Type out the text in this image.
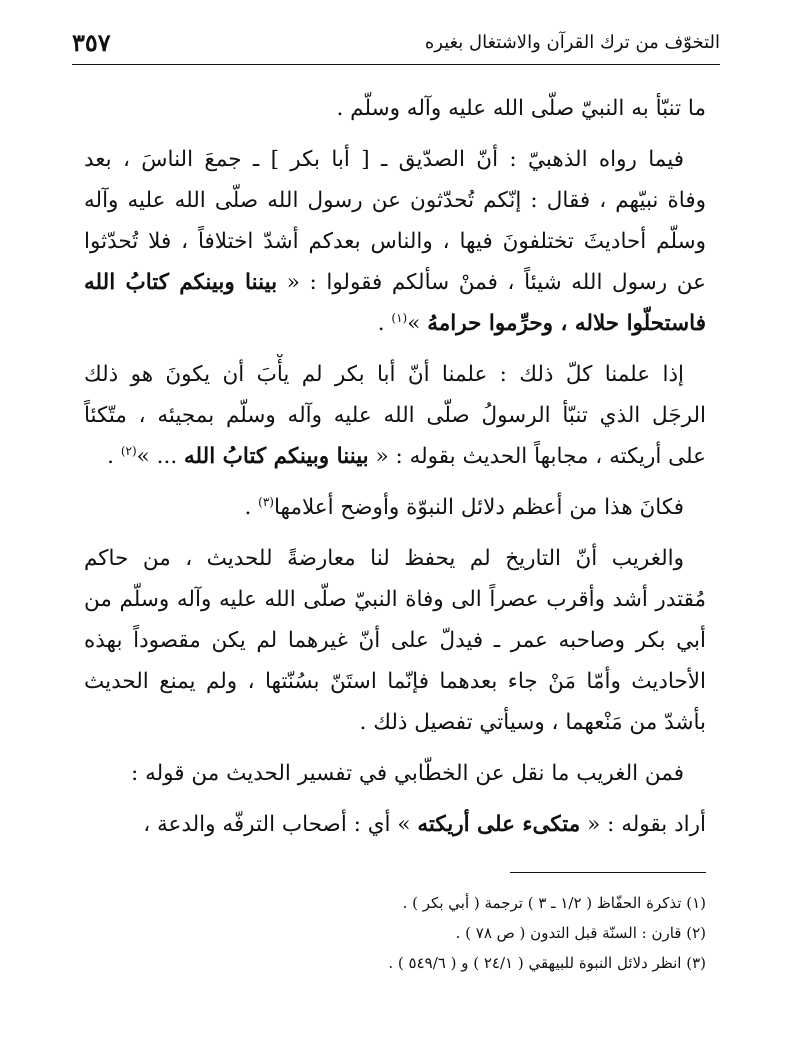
التخوّف من ترك القرآن والاشتغال بغيره
٣٥٧
ما تنبّأ به النبيّ صلّى الله عليه وآله وسلّم .
فيما رواه الذهبيّ : أنّ الصدّيق ـ [ أبا بكر ] ـ جمعَ الناسَ ، بعد
وفاة نبيّهم ، فقال : إنّكم تُحدّثون عن رسول الله صلّى الله عليه وآله
وسلّم أحاديثَ تختلفونَ فيها ، والناس بعدكم أشدّ اختلافاً ، فلا تُحدّثوا
عن رسول الله شيئاً ، فمنْ سألكم فقولوا : « بيننا وبينكم كتابُ الله
فاستحلّوا حلاله ، وحرِّموا حرامهُ »$^{(١)}$ .
إذا علمنا كلّ ذلك : علمنا أنّ أبا بكر لم يأْبَ أن يكونَ هو ذلك
الرجَل الذي تنبّأ الرسولُ صلّى الله عليه وآله وسلّم بمجيئه ، متّكئاً
على أريكته ، مجابهاً الحديث بقوله : « بيننا وبينكم كتابُ الله ... »$^{(٢)}$ .
فكانَ هذا من أعظم دلائل النبوّة وأوضح أعلامها$^{(٣)}$ .
والغريب أنّ التاريخ لم يحفظ لنا معارضةً للحديث ، من حاكم
مُقتدر أشد وأقرب عصراً الى وفاة النبيّ صلّى الله عليه وآله وسلّم من
أبي بكر وصاحبه عمر ـ فيدلّ على أنّ غيرهما لم يكن مقصوداً بهذه
الأحاديث وأمّا مَنْ جاء بعدهما فإنّما استَنّ بسُنّتها ، ولم يمنع الحديث
بأشدّ من مَنْعهما ، وسيأتي تفصيل ذلك .
فمن الغريب ما نقل عن الخطّابي في تفسير الحديث من قوله :
أراد بقوله : « متكىء على أريكته » أي : أصحاب الترفّه والدعة ،
(١) تذكرة الحفّاظ ( ١/٢ ـ ٣ ) ترجمة ( أبي بكر ) .
(٢) قارن : السنّة قبل التدون ( ص ٧٨ ) .
(٣) انظر دلائل النبوة للبيهقي ( ٢٤/١ ) و ( ٥٤٩/٦ ) .
